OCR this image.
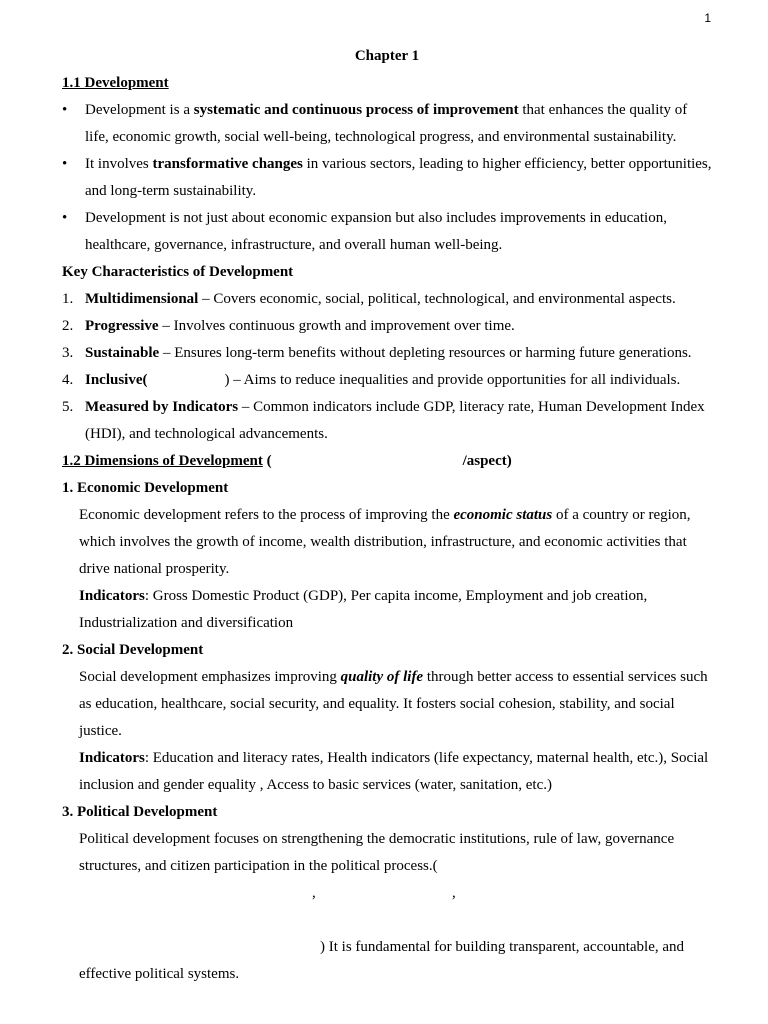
1
Chapter 1
1.1 Development
• Development is a systematic and continuous process of improvement that enhances the quality of life, economic growth, social well-being, technological progress, and environmental sustainability.
• It involves transformative changes in various sectors, leading to higher efficiency, better opportunities, and long-term sustainability.
• Development is not just about economic expansion but also includes improvements in education, healthcare, governance, infrastructure, and overall human well-being.
Key Characteristics of Development
1. Multidimensional – Covers economic, social, political, technological, and environmental aspects.
2. Progressive – Involves continuous growth and improvement over time.
3. Sustainable – Ensures long-term benefits without depleting resources or harming future generations.
4. Inclusive(	) – Aims to reduce inequalities and provide opportunities for all individuals.
5. Measured by Indicators – Common indicators include GDP, literacy rate, Human Development Index (HDI), and technological advancements.
1.2 Dimensions of Development (	/aspect)
1. Economic Development
Economic development refers to the process of improving the economic status of a country or region, which involves the growth of income, wealth distribution, infrastructure, and economic activities that drive national prosperity.
Indicators: Gross Domestic Product (GDP), Per capita income, Employment and job creation, Industrialization and diversification
2. Social Development
Social development emphasizes improving quality of life through better access to essential services such as education, healthcare, social security, and equality. It fosters social cohesion, stability, and social justice.
Indicators: Education and literacy rates, Health indicators (life expectancy, maternal health, etc.), Social inclusion and gender equality , Access to basic services (water, sanitation, etc.)
3. Political Development
Political development focuses on strengthening the democratic institutions, rule of law, governance structures, and citizen participation in the political process.(
,	,
) It is fundamental for building transparent, accountable, and
effective political systems.
